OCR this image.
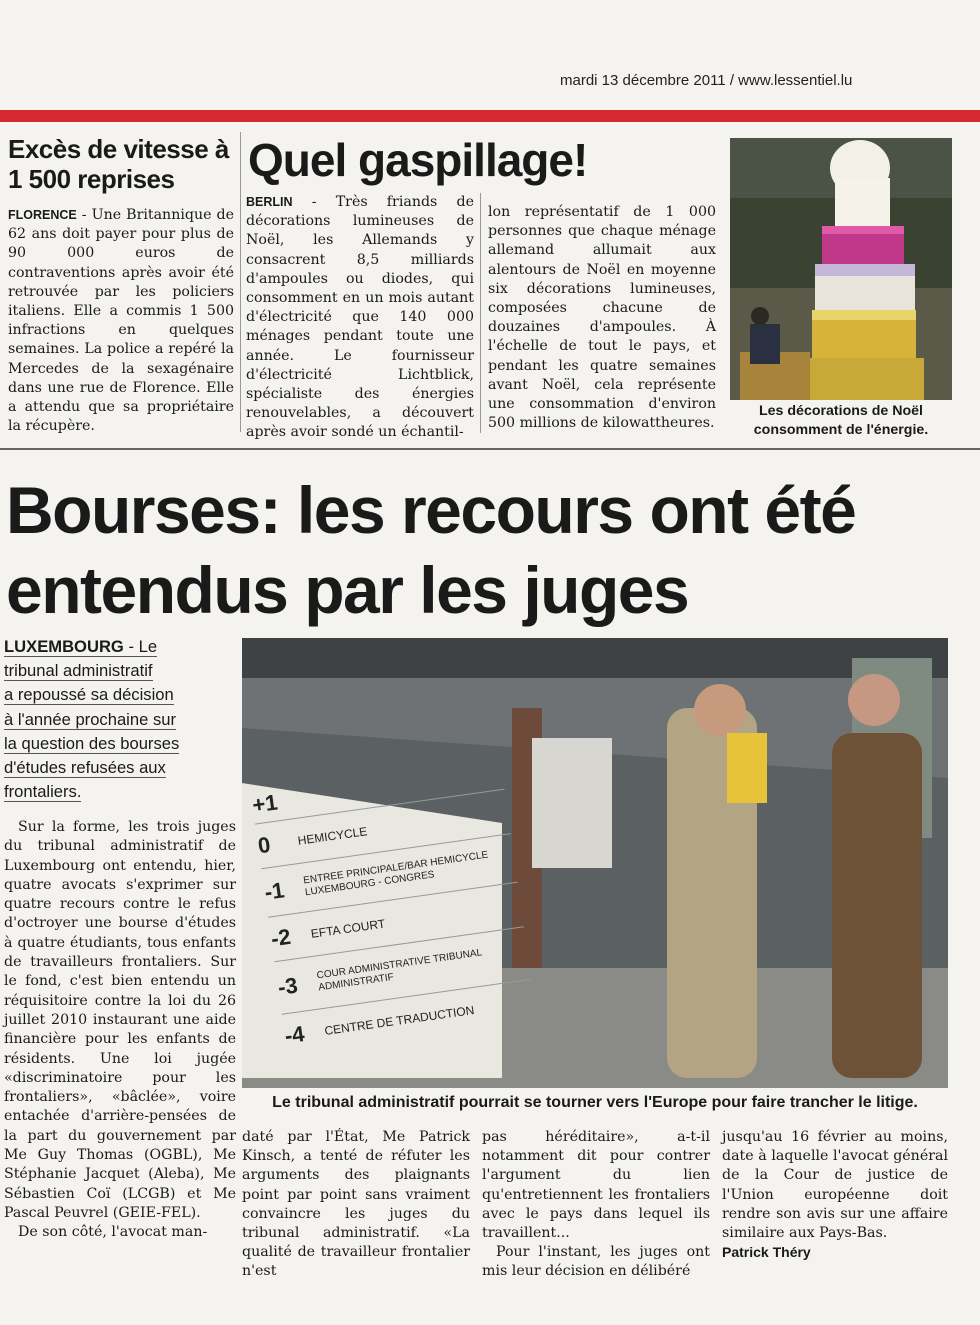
mardi 13 décembre 2011 / www.lessentiel.lu
Excès de vitesse à 1 500 reprises
FLORENCE - Une Britannique de 62 ans doit payer pour plus de 90 000 euros de contraventions après avoir été retrouvée par les policiers italiens. Elle a commis 1 500 infractions en quelques semaines. La police a repéré la Mercedes de la sexagénaire dans une rue de Florence. Elle a attendu que sa propriétaire la récupère.
Quel gaspillage!
BERLIN - Très friands de décorations lumineuses de Noël, les Allemands y consacrent 8,5 milliards d'ampoules ou diodes, qui consomment en un mois autant d'électricité que 140 000 ménages pendant toute une année. Le fournisseur d'électricité Lichtblick, spécialiste des énergies renouvelables, a découvert après avoir sondé un échantil-
lon représentatif de 1 000 personnes que chaque ménage allemand allumait aux alentours de Noël en moyenne six décorations lumineuses, composées chacune de douzaines d'ampoules. À l'échelle de tout le pays, et pendant les quatre semaines avant Noël, cela représente une consommation d'environ 500 millions de kilowattheures.
Les décorations de Noël consomment de l'énergie.
Bourses: les recours ont été entendus par les juges
LUXEMBOURG - Le
tribunal administratif
a repoussé sa décision
à l'année prochaine sur
la question des bourses
d'études refusées aux
frontaliers.

Sur la forme, les trois juges du tribunal administratif de Luxembourg ont entendu, hier, quatre avocats s'exprimer sur quatre recours contre le refus d'octroyer une bourse d'études à quatre étudiants, tous enfants de travailleurs frontaliers. Sur le fond, c'est bien entendu un réquisitoire contre la loi du 26 juillet 2010 instaurant une aide financière pour les enfants de résidents. Une loi jugée «discriminatoire pour les frontaliers», «bâclée», voire entachée d'arrière-pensées de la part du gouvernement par Me Guy Thomas (OGBL), Me Stéphanie Jacquet (Aleba), Me Sébastien Coï (LCGB) et Me Pascal Peuvrel (GEIE-FEL).

De son côté, l'avocat man-

+1
0	HEMICYCLE
-1
ENTREE PRINCIPALE/BAR HEMICYCLE LUXEMBOURG - CONGRES
-2	EFTA COURT
-3
COUR ADMINISTRATIVE TRIBUNAL ADMINISTRATIF
-4	CENTRE DE TRADUCTION
Le tribunal administratif pourrait se tourner vers l'Europe pour faire trancher le litige.
daté par l'État, Me Patrick Kinsch, a tenté de réfuter les arguments des plaignants point par point sans vraiment convaincre les juges du tribunal administratif. «La qualité de travailleur frontalier n'est

pas héréditaire», a-t-il notamment dit pour contrer l'argument du lien qu'entretiennent les frontaliers avec le pays dans lequel ils travaillent...

Pour l'instant, les juges ont mis leur décision en délibéré

jusqu'au 16 février au moins, date à laquelle l'avocat général de la Cour de justice de l'Union européenne doit rendre son avis sur une affaire similaire aux Pays-Bas.

Patrick Théry
